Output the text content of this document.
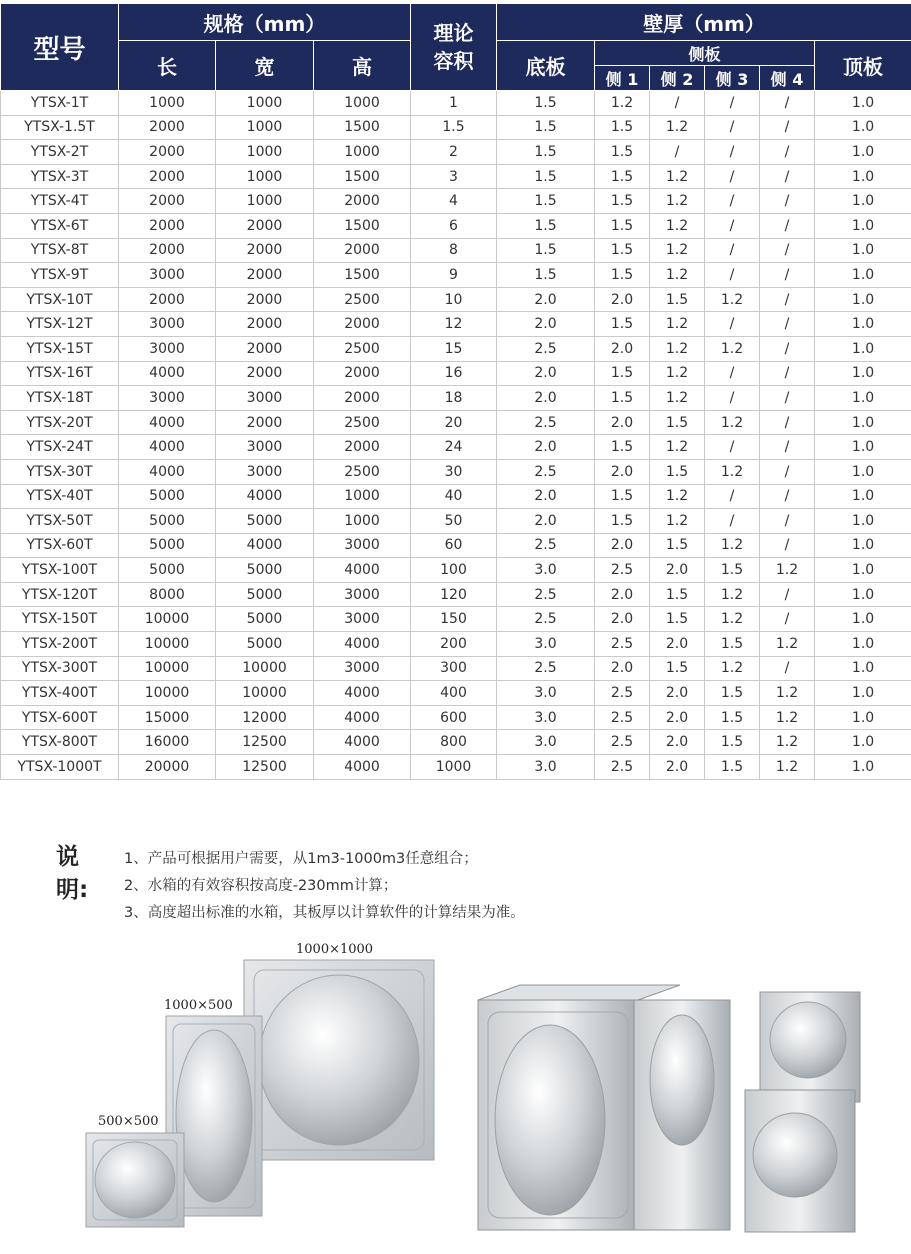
型号	规格（mm）			理论容积	壁厚（mm）					
	长	宽	高		底板	侧板				顶板
						侧 1	侧 2	侧 3	侧 4	
YTSX-1T	1000	1000	1000	1	1.5	1.2	/	/	/	1.0
YTSX-1.5T	2000	1000	1500	1.5	1.5	1.5	1.2	/	/	1.0
YTSX-2T	2000	1000	1000	2	1.5	1.5	/	/	/	1.0
YTSX-3T	2000	1000	1500	3	1.5	1.5	1.2	/	/	1.0
YTSX-4T	2000	1000	2000	4	1.5	1.5	1.2	/	/	1.0
YTSX-6T	2000	2000	1500	6	1.5	1.5	1.2	/	/	1.0
YTSX-8T	2000	2000	2000	8	1.5	1.5	1.2	/	/	1.0
YTSX-9T	3000	2000	1500	9	1.5	1.5	1.2	/	/	1.0
YTSX-10T	2000	2000	2500	10	2.0	2.0	1.5	1.2	/	1.0
YTSX-12T	3000	2000	2000	12	2.0	1.5	1.2	/	/	1.0
YTSX-15T	3000	2000	2500	15	2.5	2.0	1.2	1.2	/	1.0
YTSX-16T	4000	2000	2000	16	2.0	1.5	1.2	/	/	1.0
YTSX-18T	3000	3000	2000	18	2.0	1.5	1.2	/	/	1.0
YTSX-20T	4000	2000	2500	20	2.5	2.0	1.5	1.2	/	1.0
YTSX-24T	4000	3000	2000	24	2.0	1.5	1.2	/	/	1.0
YTSX-30T	4000	3000	2500	30	2.5	2.0	1.5	1.2	/	1.0
YTSX-40T	5000	4000	1000	40	2.0	1.5	1.2	/	/	1.0
YTSX-50T	5000	5000	1000	50	2.0	1.5	1.2	/	/	1.0
YTSX-60T	5000	4000	3000	60	2.5	2.0	1.5	1.2	/	1.0
YTSX-100T	5000	5000	4000	100	3.0	2.5	2.0	1.5	1.2	1.0
YTSX-120T	8000	5000	3000	120	2.5	2.0	1.5	1.2	/	1.0
YTSX-150T	10000	5000	3000	150	2.5	2.0	1.5	1.2	/	1.0
YTSX-200T	10000	5000	4000	200	3.0	2.5	2.0	1.5	1.2	1.0
YTSX-300T	10000	10000	3000	300	2.5	2.0	1.5	1.2	/	1.0
YTSX-400T	10000	10000	4000	400	3.0	2.5	2.0	1.5	1.2	1.0
YTSX-600T	15000	12000	4000	600	3.0	2.5	2.0	1.5	1.2	1.0
YTSX-800T	16000	12500	4000	800	3.0	2.5	2.0	1.5	1.2	1.0
YTSX-1000T	20000	12500	4000	1000	3.0	2.5	2.0	1.5	1.2	1.0
说明:
1、产品可根据用户需要，从1m3-1000m3任意组合；
2、水箱的有效容积按高度-230mm计算；
3、高度超出标准的水箱，其板厚以计算软件的计算结果为准。
1000×1000
1000×500
500×500
